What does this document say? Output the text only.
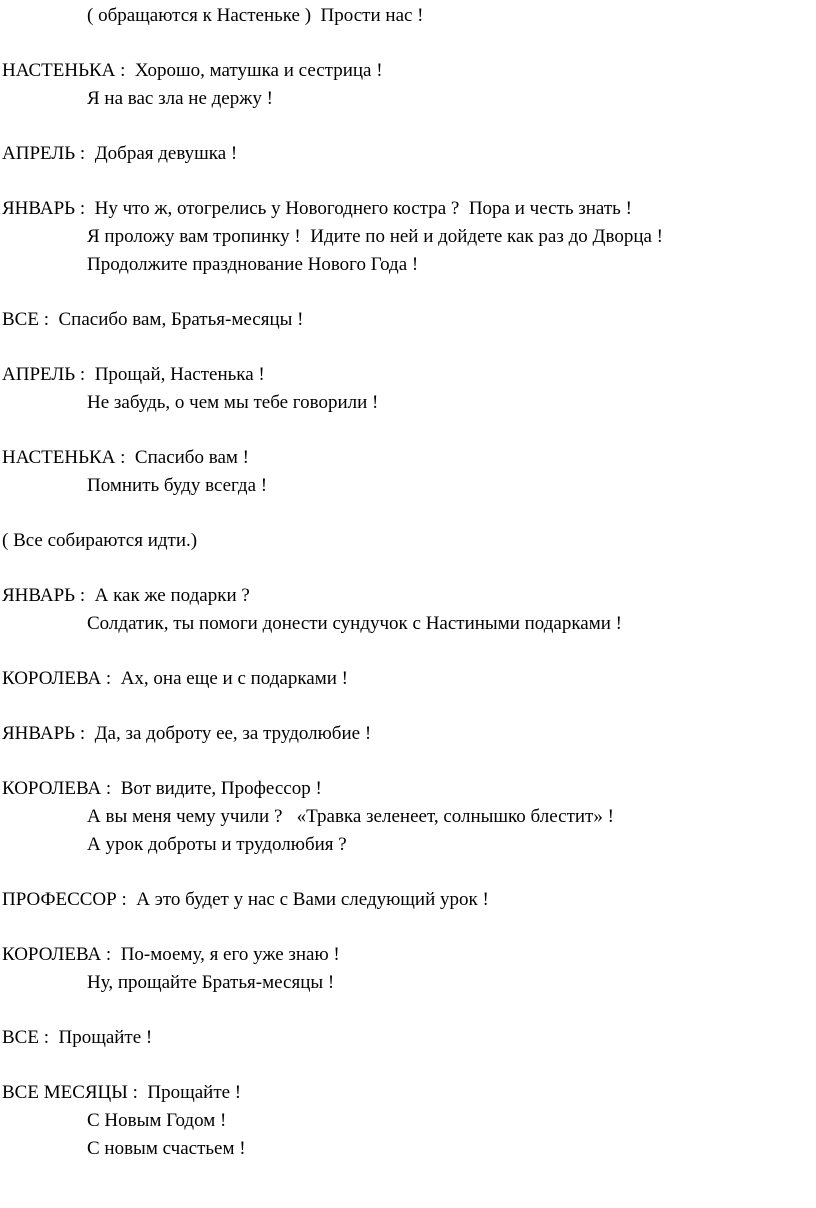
( обращаются к Настеньке )  Прости нас !
НАСТЕНЬКА :  Хорошо, матушка и сестрица !
Я на вас зла не держу !
АПРЕЛЬ :  Добрая девушка !
ЯНВАРЬ :  Ну что ж, отогрелись у Новогоднего костра ?  Пора и честь знать !
Я проложу вам тропинку !  Идите по ней и дойдете как раз до Дворца !
Продолжите празднование Нового Года !
ВСЕ :  Спасибо вам, Братья-месяцы !
АПРЕЛЬ :  Прощай, Настенька !
Не забудь, о чем мы тебе говорили !
НАСТЕНЬКА :  Спасибо вам !
Помнить буду всегда !
( Все собираются идти.)
ЯНВАРЬ :  А как же подарки ?
Солдатик, ты помоги донести сундучок с Настиными подарками !
КОРОЛЕВА :  Ах, она еще и с подарками !
ЯНВАРЬ :  Да, за доброту ее, за трудолюбие !
КОРОЛЕВА :  Вот видите, Профессор !
А вы меня чему учили ?   «Травка зеленеет, солнышко блестит» !
А урок доброты и трудолюбия ?
ПРОФЕССОР :  А это будет у нас с Вами следующий урок !
КОРОЛЕВА :  По-моему, я его уже знаю !
Ну, прощайте Братья-месяцы !
ВСЕ :  Прощайте !
ВСЕ МЕСЯЦЫ :  Прощайте !
С Новым Годом !
С новым счастьем !
